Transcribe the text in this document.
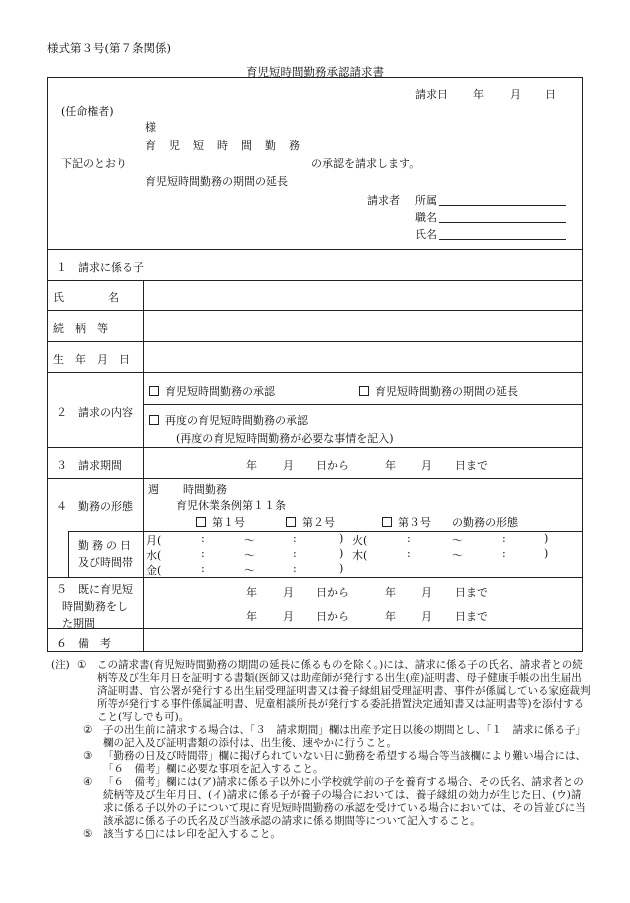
様式第３号(第７条関係)
育児短時間勤務承認請求書
請求日 年 月 日
(任命権者)
様
育児短時間勤務
下記のとおり	の承認を請求します。
育児短時間勤務の期間の延長
請求者 所属
職名
氏名
１　請求に係る子
氏　　　　名
続　柄　等
生　年　月　日
２　請求の内容
育児短時間勤務の承認	育児短時間勤務の期間の延長
再度の育児短時間勤務の承認
(再度の育児短時間勤務が必要な事情を記入)
３　請求期間	年 月 日から	年 月 日まで
４　勤務の形態
週 時間勤務
育児休業条例第１１条
第１号	第２号	第３号 の勤務の形態
勤務の日
及び時間帯
月(	:	〜	:	) 火(	:	〜	:	)
水(	:	〜	:	) 木(	:	〜	:	)
金(	:	〜	:	)
５　既に育児短
時間勤務をし
た期間
年 月 日から	年 月 日まで
年 月 日から	年 月 日まで
６　備　考
(注) ① この請求書(育児短時間勤務の期間の延長に係るものを除く。)には、請求に係る子の氏名、請求者との続柄等及び生年月日を証明する書類(医師又は助産師が発行する出生(産)証明書、母子健康手帳の出生届出済証明書、官公署が発行する出生届受理証明書又は養子縁組届受理証明書、事件が係属している家庭裁判所等が発行する事件係属証明書、児童相談所長が発行する委託措置決定通知書又は証明書等)を添付すること(写しでも可)。
② 子の出生前に請求する場合は、「３　請求期間」欄は出産予定日以後の期間とし、「１　請求に係る子」欄の記入及び証明書類の添付は、出生後、速やかに行うこと。
③ 「勤務の日及び時間帯」欄に掲げられていない日に勤務を希望する場合等当該欄により難い場合には、「６　備考」欄に必要な事項を記入すること。
④ 「６　備考」欄には(ア)請求に係る子以外に小学校就学前の子を養育する場合、その氏名、請求者との続柄等及び生年月日、(イ)請求に係る子が養子の場合においては、養子縁組の効力が生じた日、(ウ)請求に係る子以外の子について現に育児短時間勤務の承認を受けている場合においては、その旨並びに当該承認に係る子の氏名及び当該承認の請求に係る期間等について記入すること。
⑤ 該当する□にはレ印を記入すること。
